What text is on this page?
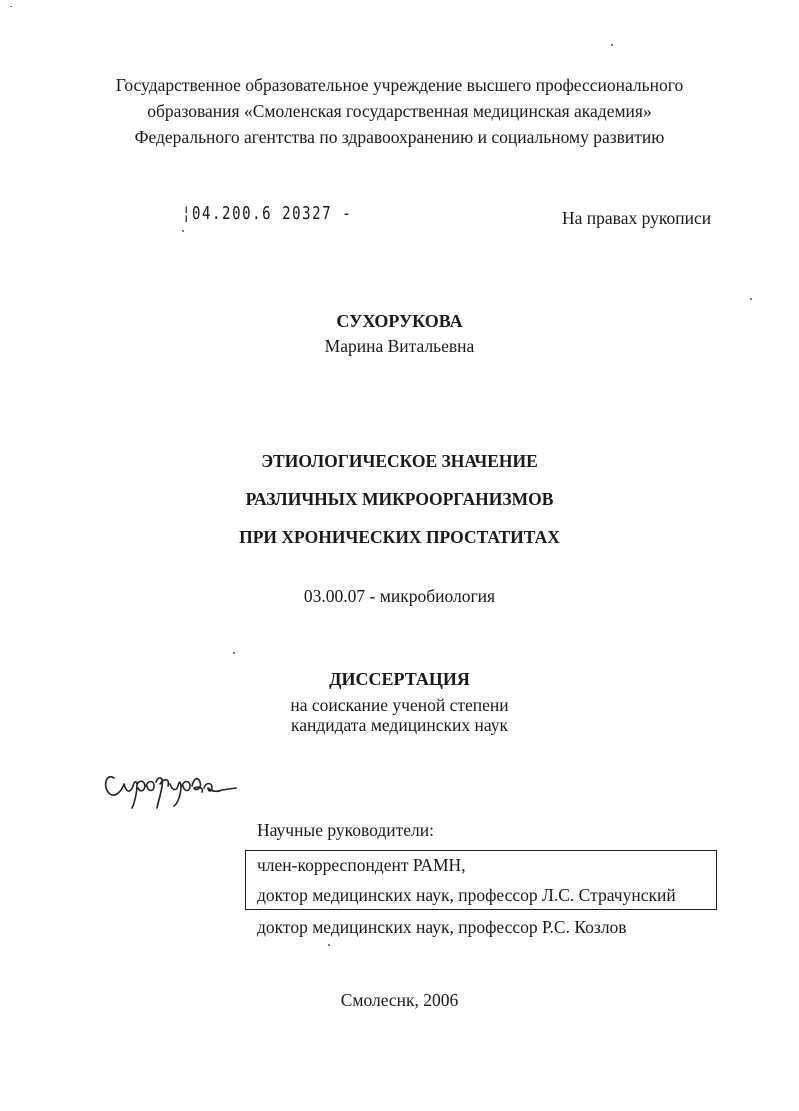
Государственное образовательное учреждение высшего профессионального
образования «Смоленская государственная медицинская академия»
Федерального агентства по здравоохранению и социальному развитию
¦04.200.6 20327 -	На правах рукописи
СУХОРУКОВА
Марина Витальевна
ЭТИОЛОГИЧЕСКОЕ ЗНАЧЕНИЕ
РАЗЛИЧНЫХ МИКРООРГАНИЗМОВ
ПРИ ХРОНИЧЕСКИХ ПРОСТАТИТАХ
03.00.07 - микробиология
ДИССЕРТАЦИЯ
на соискание ученой степени
кандидата медицинских наук
Научные руководители:
член-корреспондент РАМН,
доктор медицинских наук, профессор Л.С. Страчунский
доктор медицинских наук, профессор Р.С. Козлов
Смолеснк, 2006
